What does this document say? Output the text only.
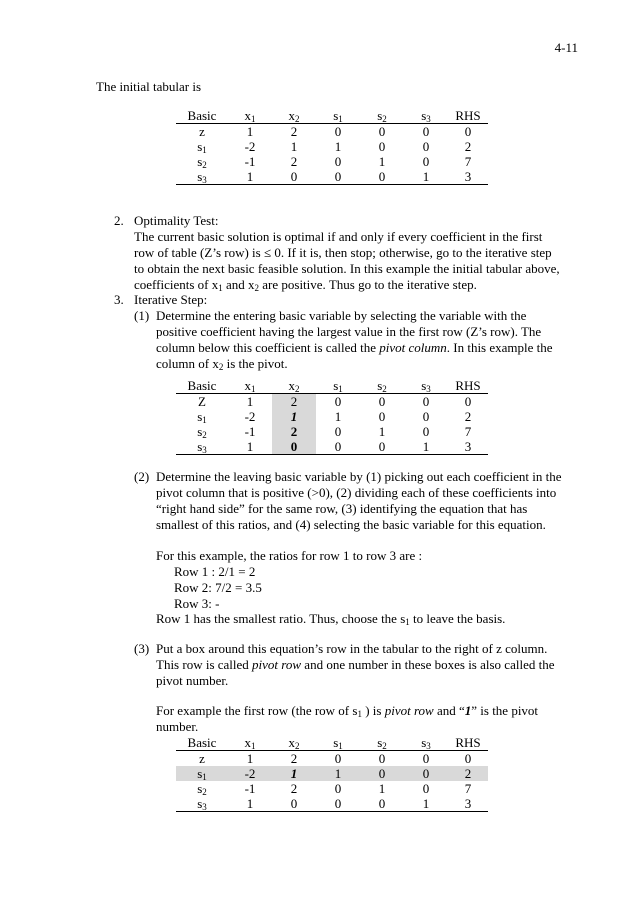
4-11
The initial tabular is
Basic	$x_1$	$x_2$	$s_1$	$s_2$	$s_3$	RHS
z	1	2	0	0	0	0
$s_1$	-2	1	1	0	0	2
$s_2$	-1	2	0	1	0	7
$s_3$	1	0	0	0	1	3
2. Optimality Test:
The current basic solution is optimal if and only if every coefficient in the first
row of table (Z’s row) is ≤ 0. If it is, then stop; otherwise, go to the iterative step
to obtain the next basic feasible solution. In this example the initial tabular above,
coefficients of $x_1$ and $x_2$ are positive. Thus go to the iterative step.
3. Iterative Step:
(1) Determine the entering basic variable by selecting the variable with the
positive coefficient having the largest value in the first row (Z’s row). The
column below this coefficient is called the pivot column. In this example the
column of $x_2$ is the pivot.
Basic	$x_1$	$x_2$	$s_1$	$s_2$	$s_3$	RHS
Z	1	2	0	0	0	0
$s_1$	-2	1	1	0	0	2
$s_2$	-1	2	0	1	0	7
$s_3$	1	0	0	0	1	3
(2) Determine the leaving basic variable by (1) picking out each coefficient in the
pivot column that is positive (>0), (2) dividing each of these coefficients into
“right hand side” for the same row, (3) identifying the equation that has
smallest of this ratios, and (4) selecting the basic variable for this equation.
For this example, the ratios for row 1 to row 3 are :
Row 1 : 2/1 = 2
Row 2: 7/2 = 3.5
Row 3: -
Row 1 has the smallest ratio. Thus, choose the $s_1$ to leave the basis.
(3) Put a box around this equation’s row in the tabular to the right of z column.
This row is called pivot row and one number in these boxes is also called the
pivot number.
For example the first row (the row of $s_1$ ) is pivot row and “1” is the pivot
number.
Basic	$x_1$	$x_2$	$s_1$	$s_2$	$s_3$	RHS
z	1	2	0	0	0	0
$s_1$	-2	1	1	0	0	2
$s_2$	-1	2	0	1	0	7
$s_3$	1	0	0	0	1	3
